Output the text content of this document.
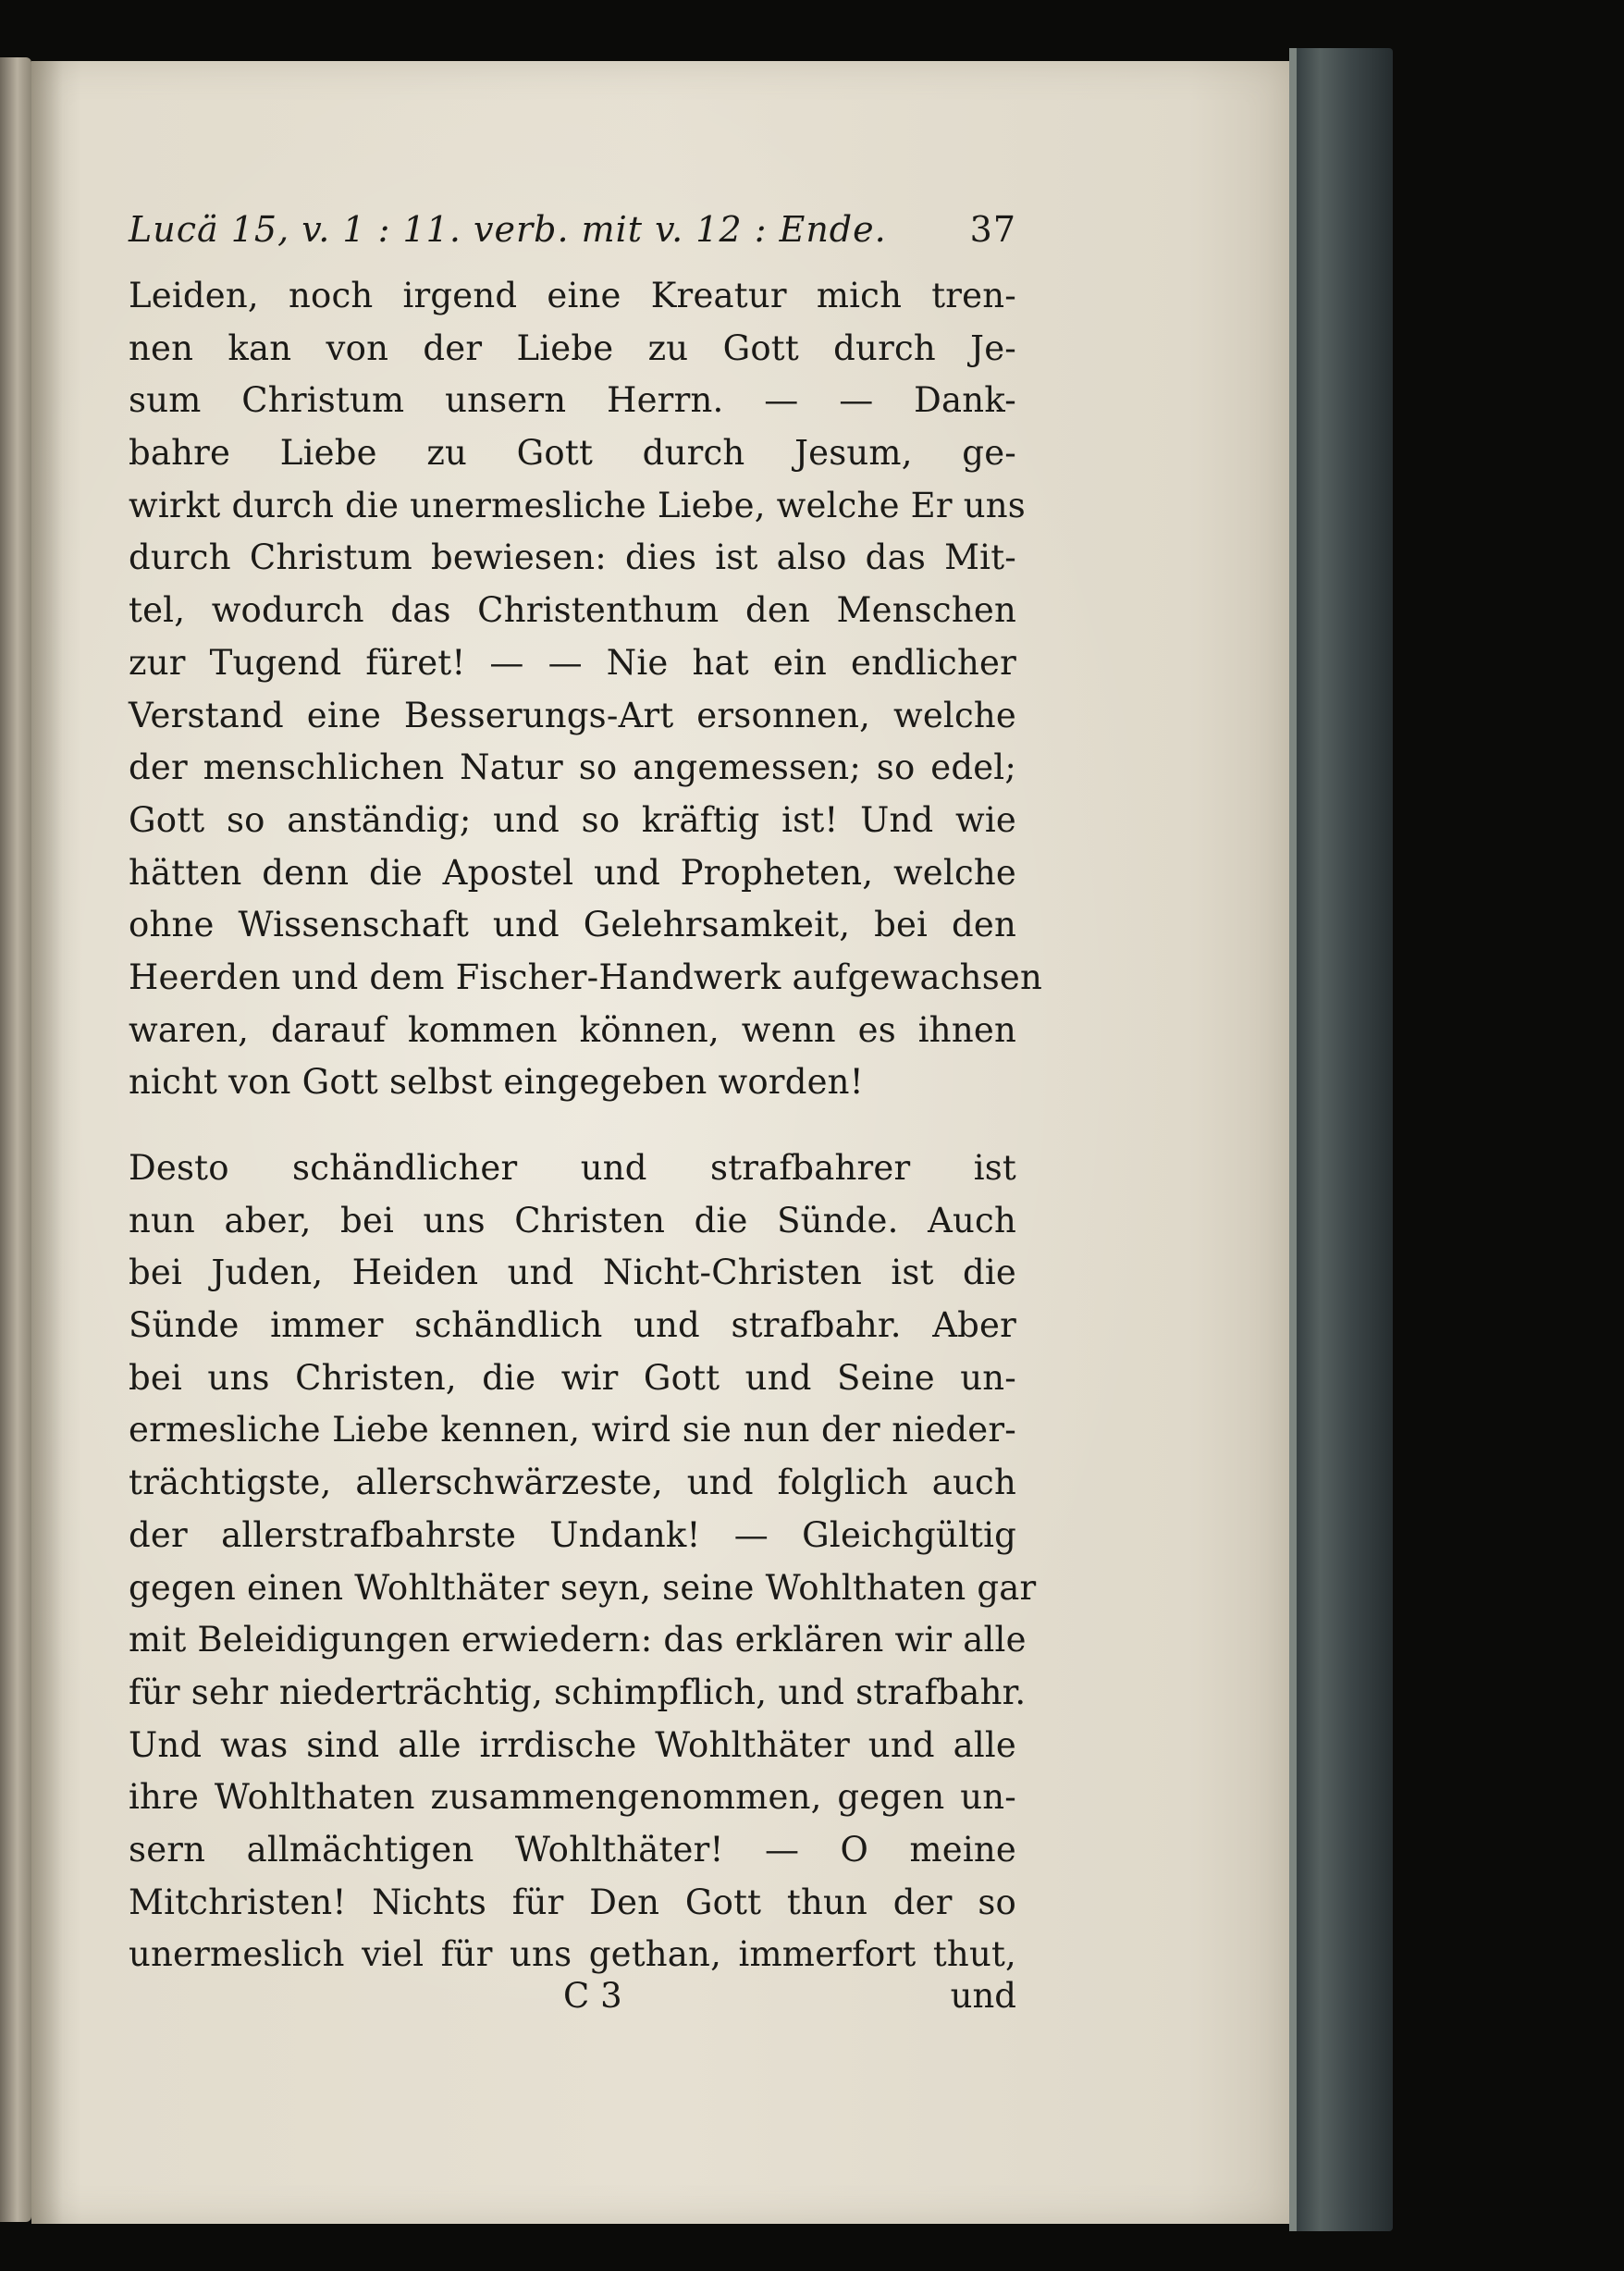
Lucä 15, v. 1 : 11. verb. mit v. 12 : Ende. 37
Leiden, noch irgend eine Kreatur mich tren-
nen kan von der Liebe zu Gott durch Je-
sum Christum unsern Herrn. — — Dank-
bahre Liebe zu Gott durch Jesum, ge-
wirkt durch die unermesliche Liebe, welche Er uns
durch Christum bewiesen: dies ist also das Mit-
tel, wodurch das Christenthum den Menschen
zur Tugend füret! — — Nie hat ein endlicher
Verstand eine Besserungs-Art ersonnen, welche
der menschlichen Natur so angemessen; so edel;
Gott so anständig; und so kräftig ist! Und wie
hätten denn die Apostel und Propheten, welche
ohne Wissenschaft und Gelehrsamkeit, bei den
Heerden und dem Fischer-Handwerk aufgewachsen
waren, darauf kommen können, wenn es ihnen
nicht von Gott selbst eingegeben worden!
Desto schändlicher und strafbahrer ist
nun aber, bei uns Christen die Sünde. Auch
bei Juden, Heiden und Nicht-Christen ist die
Sünde immer schändlich und strafbahr. Aber
bei uns Christen, die wir Gott und Seine un-
ermesliche Liebe kennen, wird sie nun der nieder-
trächtigste, allerschwärzeste, und folglich auch
der allerstrafbahrste Undank! — Gleichgültig
gegen einen Wohlthäter seyn, seine Wohlthaten gar
mit Beleidigungen erwiedern: das erklären wir alle
für sehr niederträchtig, schimpflich, und strafbahr.
Und was sind alle irrdische Wohlthäter und alle
ihre Wohlthaten zusammengenommen, gegen un-
sern allmächtigen Wohlthäter! — O meine
Mitchristen! Nichts für Den Gott thun der so
unermeslich viel für uns gethan, immerfort thut,
C 3	und
